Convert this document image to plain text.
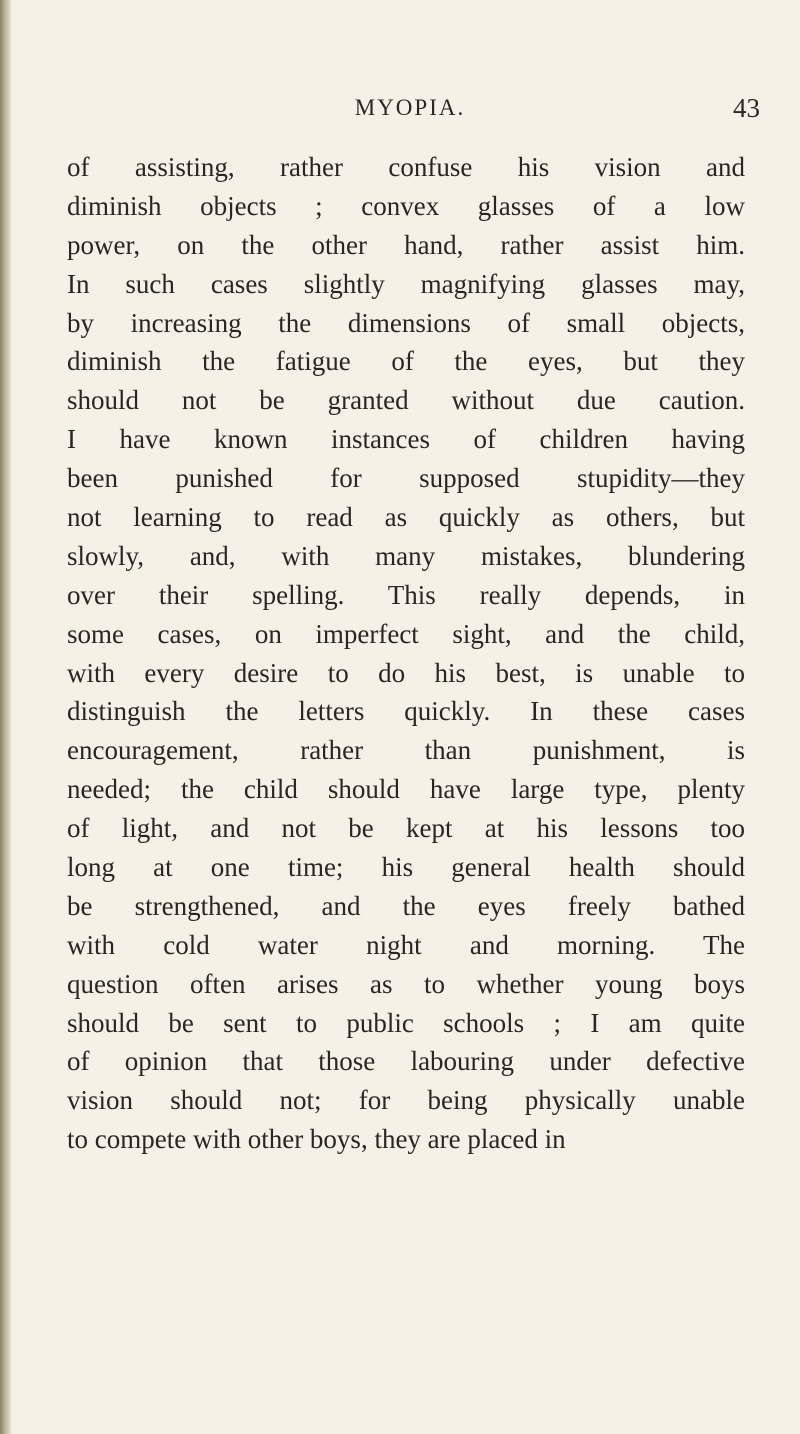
MYOPIA.	43
of assisting, rather confuse his vision and
diminish objects ; convex glasses of a low
power, on the other hand, rather assist him.
In such cases slightly magnifying glasses may,
by increasing the dimensions of small objects,
diminish the fatigue of the eyes, but they
should not be granted without due caution.
I have known instances of children having
been punished for supposed stupidity—they
not learning to read as quickly as others, but
slowly, and, with many mistakes, blundering
over their spelling. This really depends, in
some cases, on imperfect sight, and the child,
with every desire to do his best, is unable to
distinguish the letters quickly. In these cases
encouragement, rather than punishment, is
needed; the child should have large type, plenty
of light, and not be kept at his lessons too
long at one time; his general health should
be strengthened, and the eyes freely bathed
with cold water night and morning. The
question often arises as to whether young boys
should be sent to public schools ; I am quite
of opinion that those labouring under defective
vision should not; for being physically unable
to compete with other boys, they are placed in
